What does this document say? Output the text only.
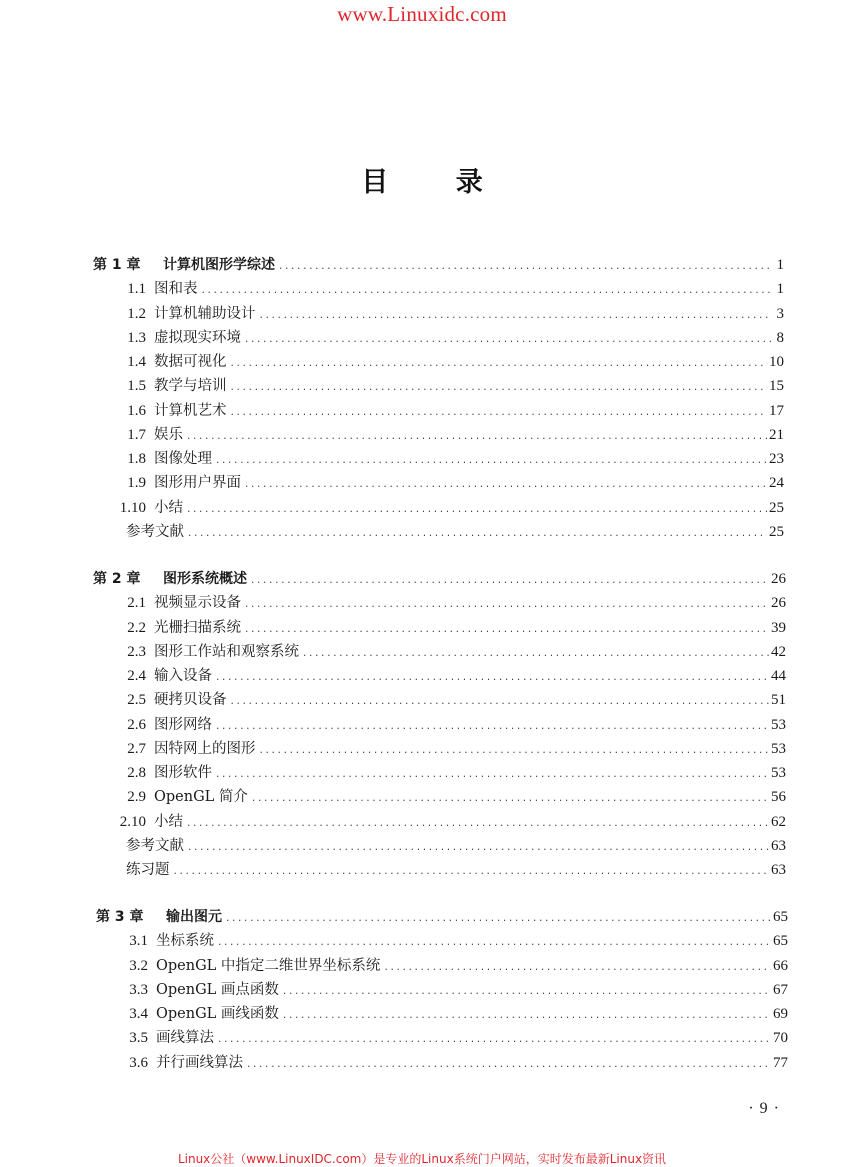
www.Linuxidc.com
目 录
第 1 章	计算机图形学综述 .....	1
1.1 图和表 .....	1
1.2 计算机辅助设计 .....	3
1.3 虚拟现实环境 .....	8
1.4 数据可视化 .....	10
1.5 教学与培训 .....	15
1.6 计算机艺术 .....	17
1.7 娱乐 .....	21
1.8 图像处理 .....	23
1.9 图形用户界面 .....	24
1.10 小结 .....	25
参考文献 .....	25
第 2 章	图形系统概述 .....	26
2.1 视频显示设备 .....	26
2.2 光栅扫描系统 .....	39
2.3 图形工作站和观察系统 .....	42
2.4 输入设备 .....	44
2.5 硬拷贝设备 .....	51
2.6 图形网络 .....	53
2.7 因特网上的图形 .....	53
2.8 图形软件 .....	53
2.9 OpenGL 简介 .....	56
2.10 小结 .....	62
参考文献 .....	63
练习题 .....	63
第 3 章	输出图元 .....	65
3.1 坐标系统 .....	65
3.2 OpenGL 中指定二维世界坐标系统 .....	66
3.3 OpenGL 画点函数 .....	67
3.4 OpenGL 画线函数 .....	69
3.5 画线算法 .....	70
3.6 并行画线算法 .....	77
· 9 ·
Linux公社（www.LinuxIDC.com）是专业的Linux系统门户网站，实时发布最新Linux资讯
